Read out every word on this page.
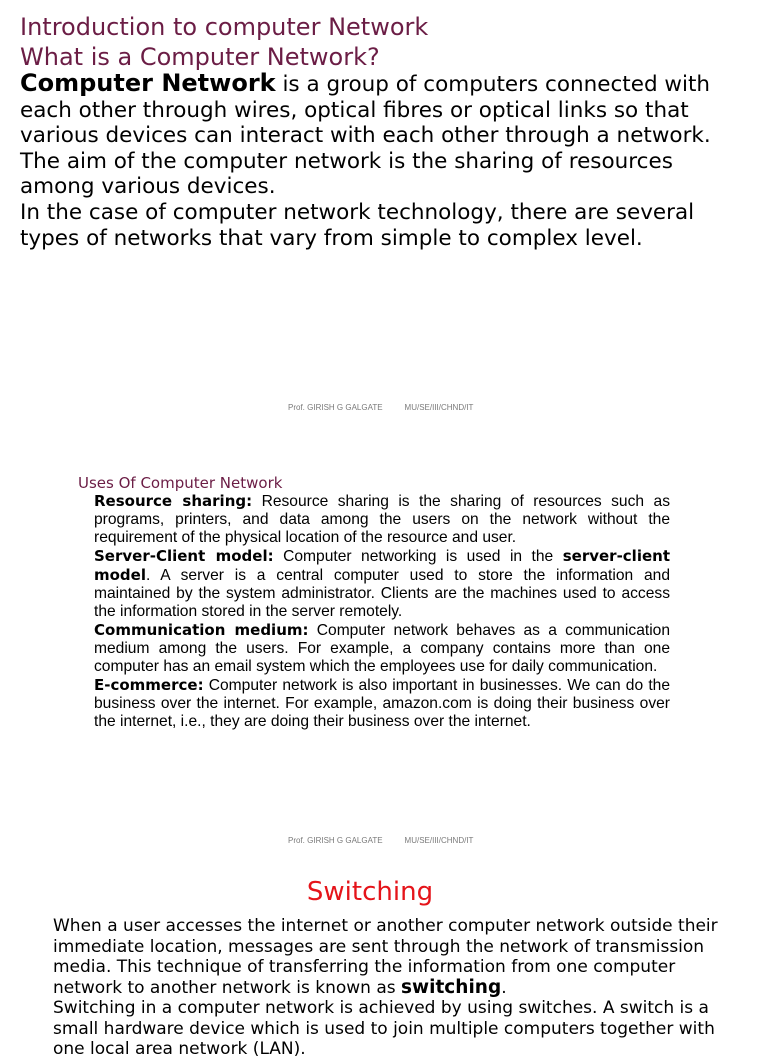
Introduction to computer Network
What is a Computer Network?

Computer Network is a group of computers connected with each other through wires, optical fibres or optical links so that various devices can interact with each other through a network.

The aim of the computer network is the sharing of resources among various devices.

In the case of computer network technology, there are several types of networks that vary from simple to complex level.

Prof. GIRISH G GALGATE	MU/SE/III/CHND/IT
Uses Of Computer Network

Resource sharing: Resource sharing is the sharing of resources such as programs, printers, and data among the users on the network without the requirement of the physical location of the resource and user.

Server-Client model: Computer networking is used in the server-client model. A server is a central computer used to store the information and maintained by the system administrator. Clients are the machines used to access the information stored in the server remotely.

Communication medium: Computer network behaves as a communication medium among the users. For example, a company contains more than one computer has an email system which the employees use for daily communication.

E-commerce: Computer network is also important in businesses. We can do the business over the internet. For example, amazon.com is doing their business over the internet, i.e., they are doing their business over the internet.

Prof. GIRISH G GALGATE	MU/SE/III/CHND/IT
Switching

When a user accesses the internet or another computer network outside their immediate location, messages are sent through the network of transmission media. This technique of transferring the information from one computer network to another network is known as switching.

Switching in a computer network is achieved by using switches. A switch is a small hardware device which is used to join multiple computers together with one local area network (LAN).
